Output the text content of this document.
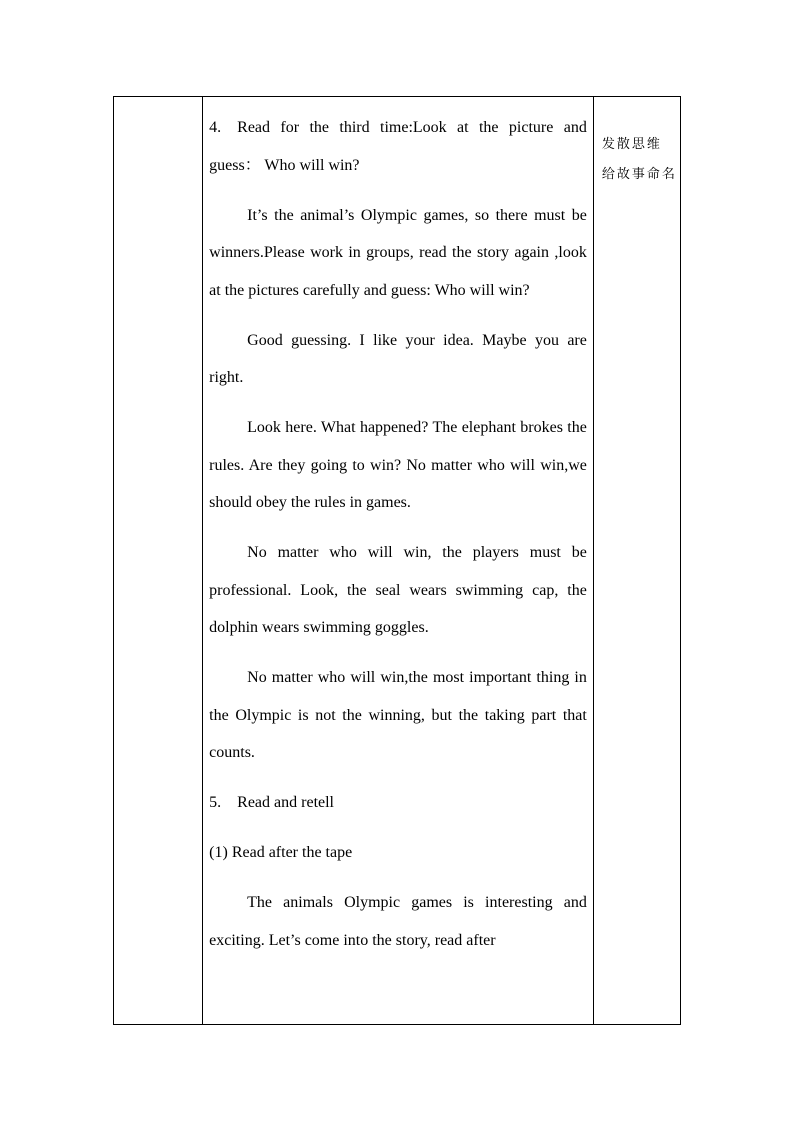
4. Read for the third time:Look at the picture and guess： Who will win?

It’s the animal’s Olympic games, so there must be winners.Please work in groups, read the story again ,look at the pictures carefully and guess: Who will win?

Good guessing. I like your idea. Maybe you are right.

Look here. What happened? The elephant brokes the rules. Are they going to win? No matter who will win,we should obey the rules in games.

No matter who will win, the players must be professional. Look, the seal wears swimming cap, the dolphin wears swimming goggles.

No matter who will win,the most important thing in the Olympic is not the winning, but the taking part that counts.

5. Read and retell

(1) Read after the tape

The animals Olympic games is interesting and exciting. Let’s come into the story, read after

发散思维
给故事命名
